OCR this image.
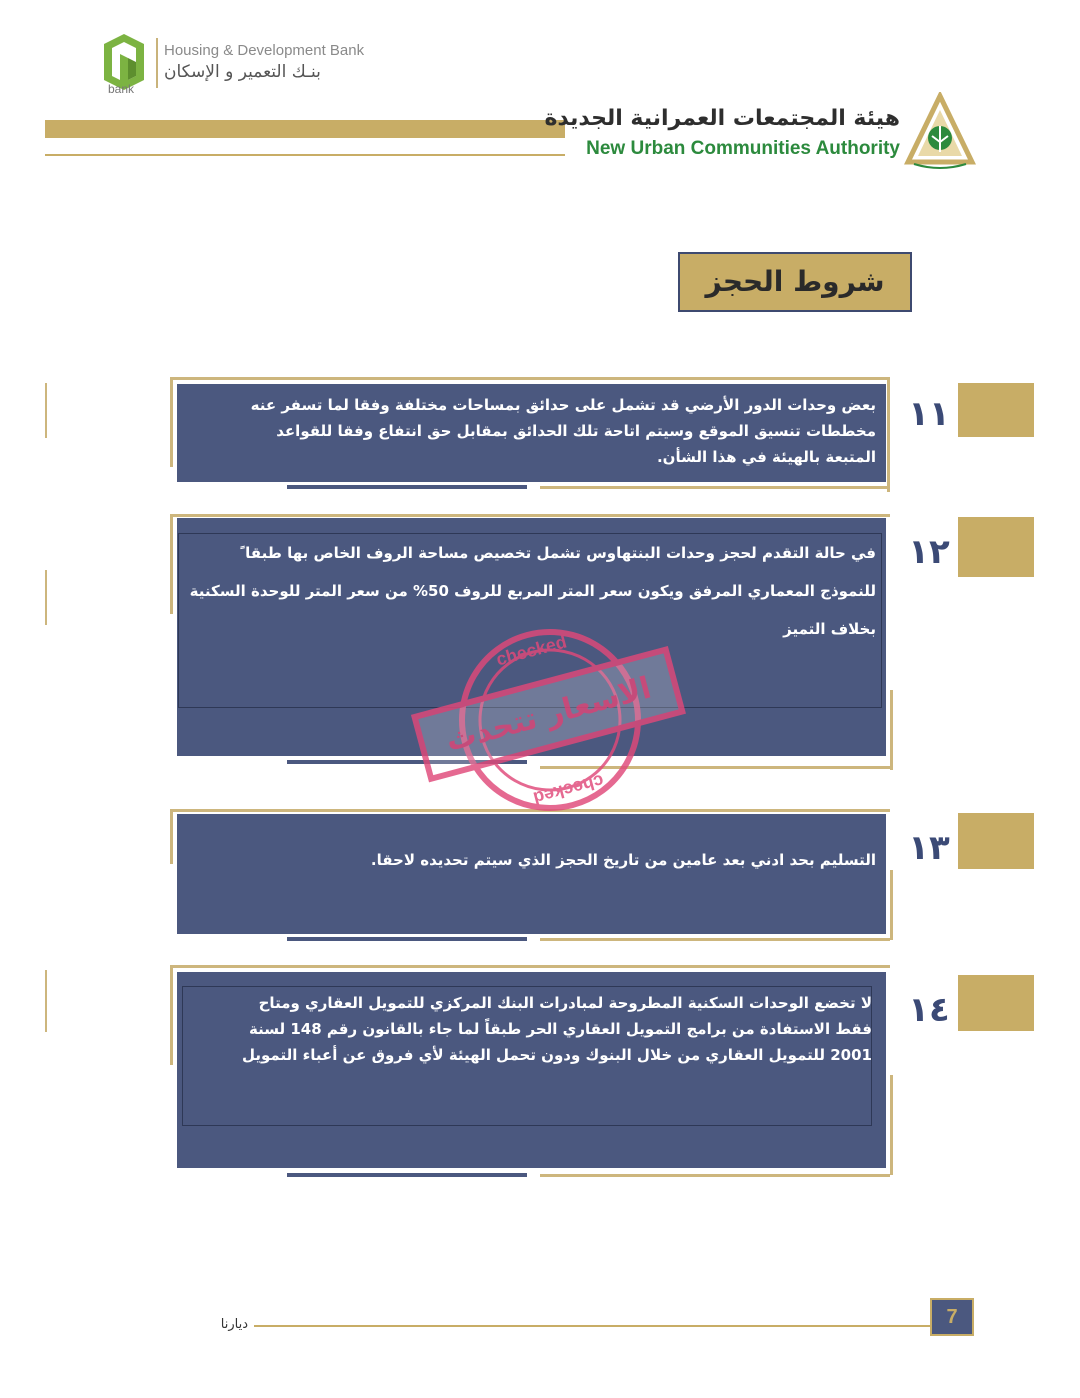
bank
Housing & Development Bank
بنـك التعمير و الإسكان
هيئة المجتمعات العمرانية الجديدة
New Urban Communities Authority
شروط الحجز
١١
بعض وحدات الدور الأرضي قد تشمل على حدائق بمساحات مختلفة وفقا لما تسفر عنه مخططات تنسيق الموقع وسيتم اتاحة تلك الحدائق بمقابل حق انتفاع وفقا للقواعد المتبعة بالهيئة في هذا الشأن.
١٢
في حالة التقدم لحجز وحدات البنتهاوس تشمل تخصيص مساحة الروف الخاص بها طبقا ً للنموذج المعماري المرفق ويكون سعر المتر المربع للروف 50% من سعر المتر للوحدة السكنية بخلاف التميز
١٣
التسليم بحد ادني بعد عامين من تاريخ الحجز الذي سيتم تحديده لاحقا.
١٤
لا تخضع الوحدات السكنية المطروحة لمبادرات البنك المركزي للتمويل العقاري ومتاح فقط الاستفادة من برامج التمويل العقاري الحر طبقاً لما جاء بالقانون رقم 148 لسنة 2001 للتمويل العقاري من خلال البنوك ودون تحمل الهيئة لأي فروق عن أعباء التمويل
checked
الاسعار تتحدث
checked
ديارنا	7
